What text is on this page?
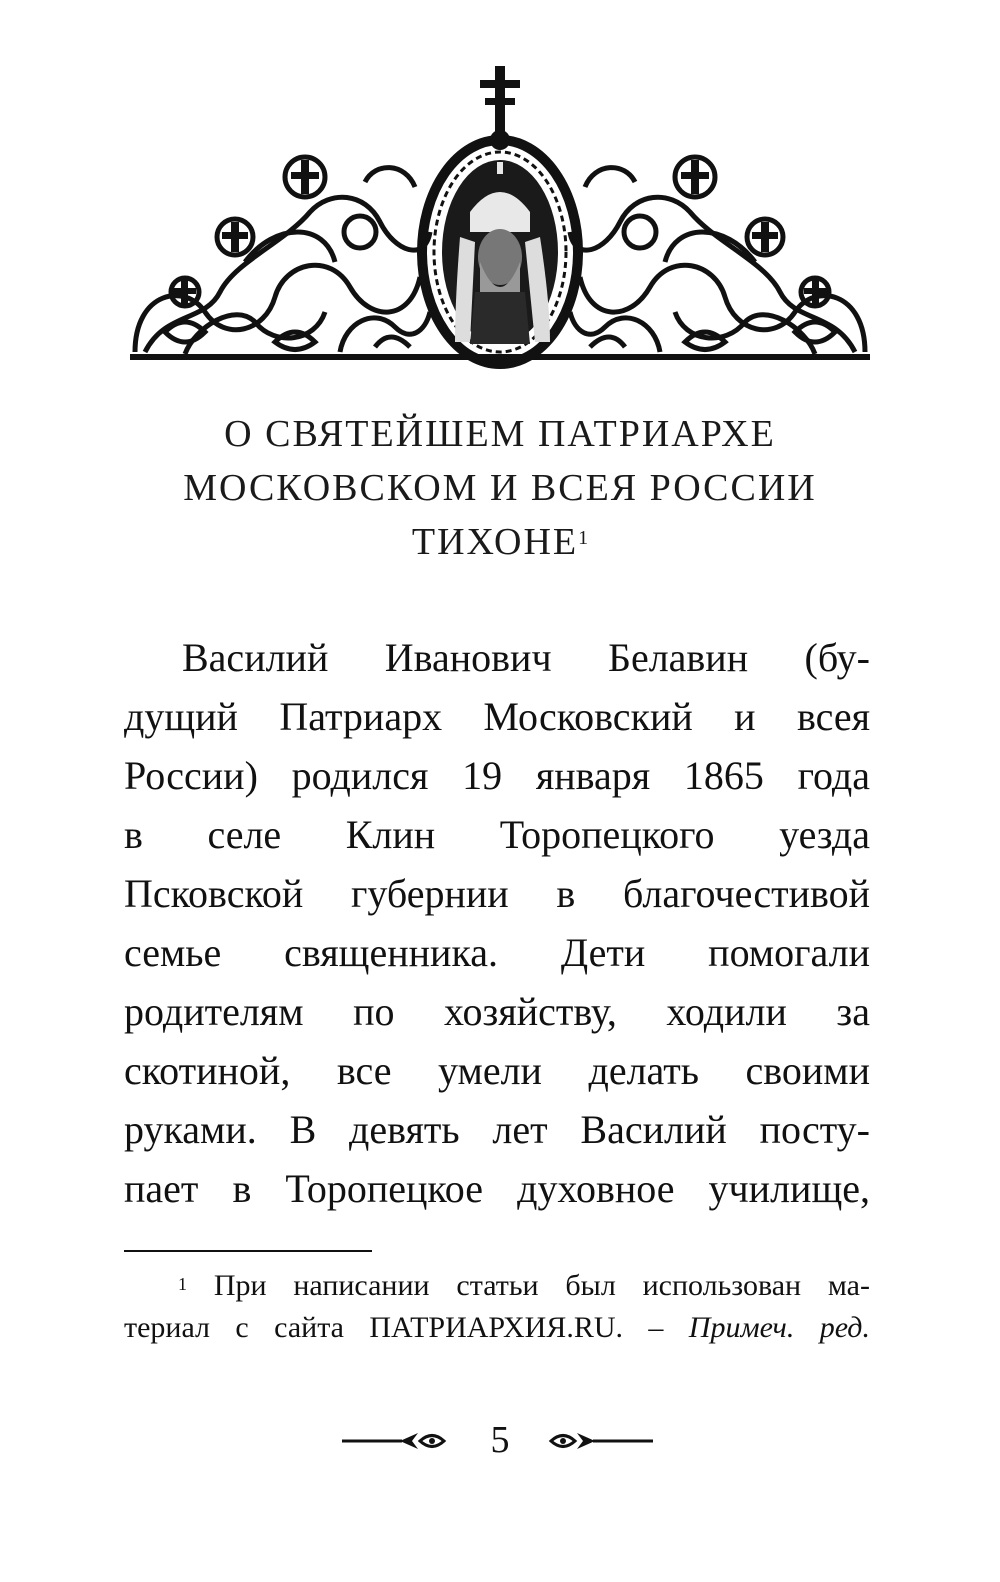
О СВЯТЕЙШЕМ ПАТРИАРХЕ
МОСКОВСКОМ И ВСЕЯ РОССИИ
ТИХОНЕ$^1$
Василий Иванович Белавин (бу-
дущий Патриарх Московский и всея
России) родился 19 января 1865 года
в селе Клин Торопецкого уезда
Псковской губернии в благочестивой
семье священника. Дети помогали
родителям по хозяйству, ходили за
скотиной, все умели делать своими
руками. В девять лет Василий посту-
пает в Торопецкое духовное училище,
$^1$ При написании статьи был использован ма-
териал с сайта ПАТРИАРХИЯ.RU. – Примеч. ред.
5
